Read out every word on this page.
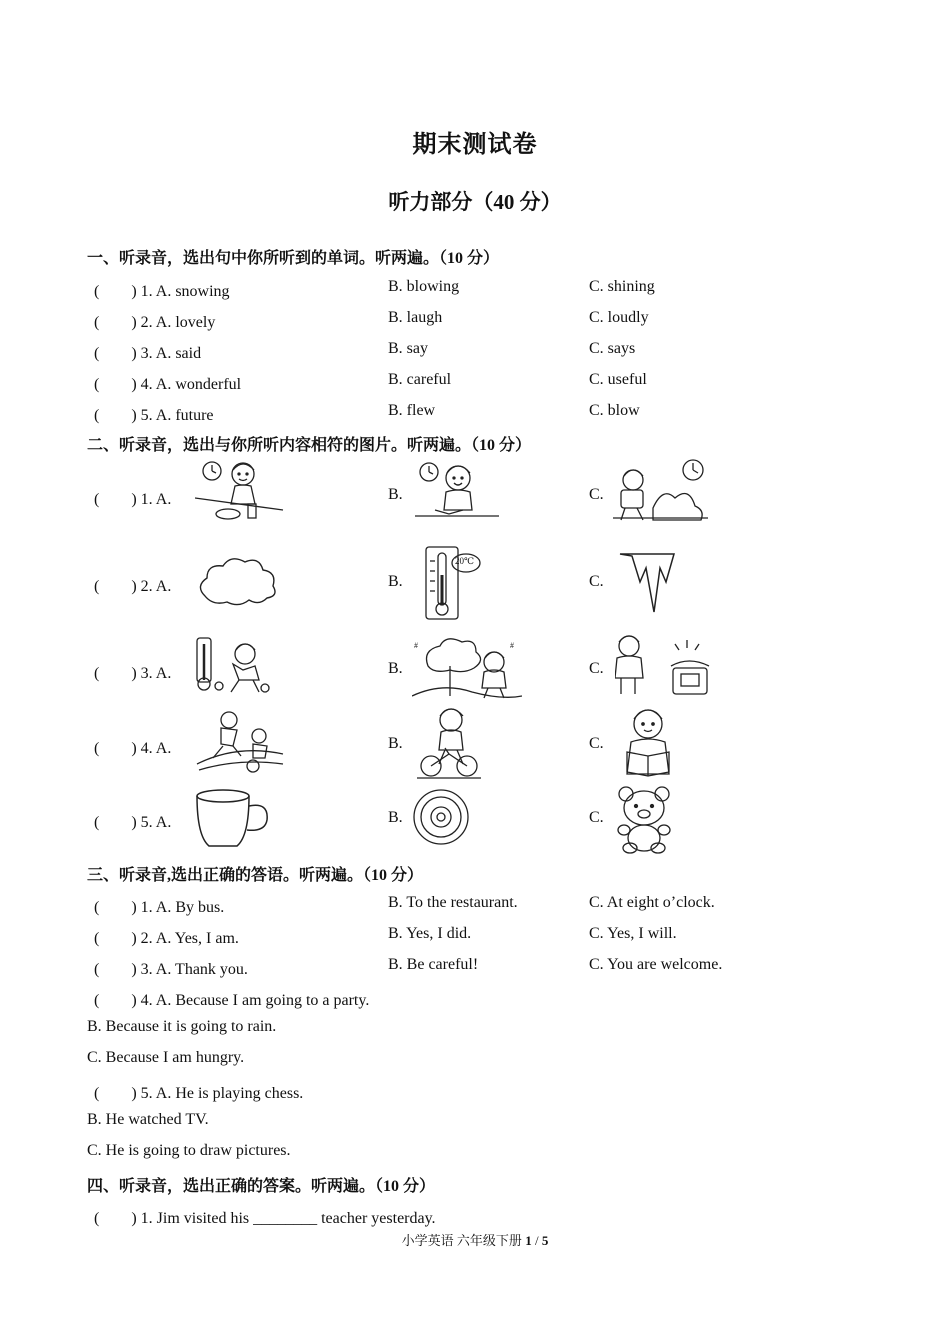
期末测试卷
听力部分（40 分）
一、听录音，选出句中你所听到的单词。听两遍。（10 分）
(　　) 1. A. snowing	B. blowing	C. shining
(　　) 2. A. lovely	B. laugh	C. loudly
(　　) 3. A. said	B. say	C. says
(　　) 4. A. wonderful	B. careful	C. useful
(　　) 5. A. future	B. flew	C. blow
二、听录音，选出与你所听内容相符的图片。听两遍。（10 分）
(　　) 1. A.	B.	C.
(　　) 2. A.	B.	C.
20℃
(　　) 3. A.	B.	C.
#	#
(　　) 4. A.	B.	C.
(　　) 5. A.	B.	C.
三、听录音,选出正确的答语。听两遍。（10 分）
(　　) 1. A. By bus.	B. To the restaurant.	C. At eight o’clock.
(　　) 2. A. Yes, I am.	B. Yes, I did.	C. Yes, I will.
(　　) 3. A. Thank you.	B. Be careful!	C. You are welcome.
(　　) 4. A. Because I am going to a party.
B. Because it is going to rain.
C. Because I am hungry.
(　　) 5. A. He is playing chess.
B. He watched TV.
C. He is going to draw pictures.
四、听录音，选出正确的答案。听两遍。（10 分）
(　　) 1. Jim visited his ________ teacher yesterday.
小学英语 六年级下册 1 / 5
